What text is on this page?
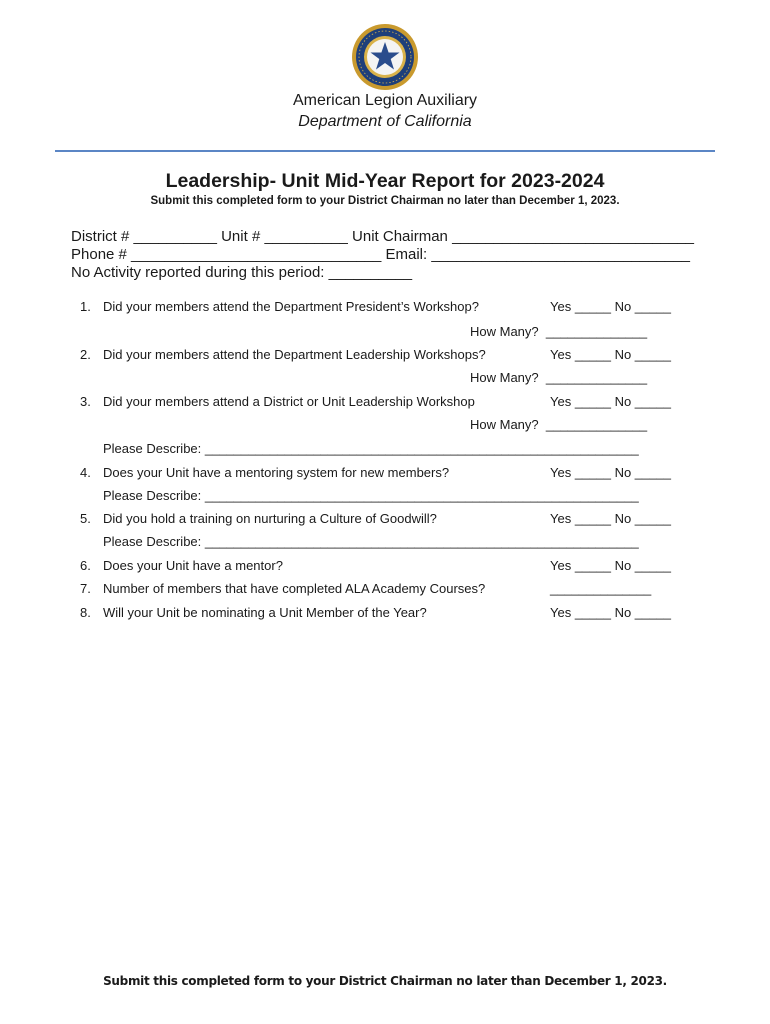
American Legion Auxiliary
Department of California
Leadership- Unit Mid-Year Report for 2023-2024
Submit this completed form to your District Chairman no later than December 1, 2023.
District # __________ Unit # __________ Unit Chairman _____________________________
Phone # ______________________________ Email: _______________________________
No Activity reported during this period: __________
1. Did your members attend the Department President’s Workshop?	Yes _____ No _____
How Many?  ______________
2. Did your members attend the Department Leadership Workshops?	Yes _____ No _____
How Many?  ______________
3. Did your members attend a District or Unit Leadership Workshop	Yes _____ No _____
How Many?  ______________
Please Describe: ____________________________________________________________
4. Does your Unit have a mentoring system for new members?	Yes _____ No _____
Please Describe: ____________________________________________________________
5. Did you hold a training on nurturing a Culture of Goodwill?	Yes _____ No _____
Please Describe: ____________________________________________________________
6. Does your Unit have a mentor?	Yes _____ No _____
7. Number of members that have completed ALA Academy Courses?	______________
8. Will your Unit be nominating a Unit Member of the Year?	Yes _____ No _____
Submit this completed form to your District Chairman no later than December 1, 2023.
